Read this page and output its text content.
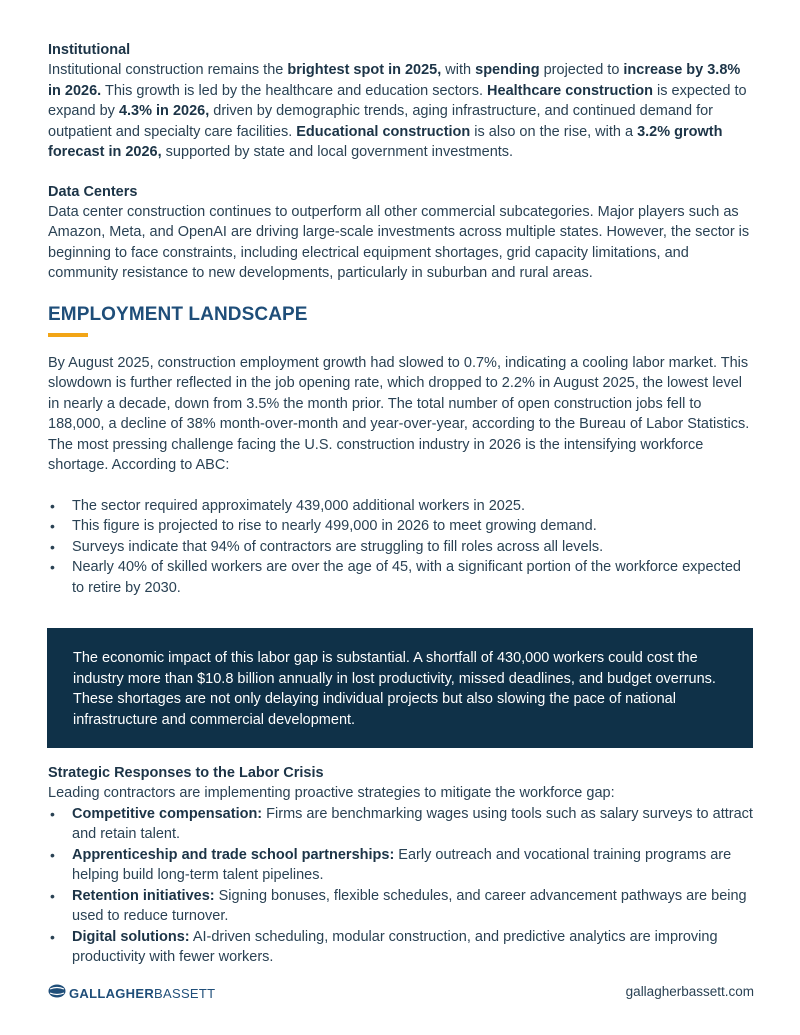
Institutional

Institutional construction remains the brightest spot in 2025, with spending projected to increase by 3.8% in 2026. This growth is led by the healthcare and education sectors. Healthcare construction is expected to expand by 4.3% in 2026, driven by demographic trends, aging infrastructure, and continued demand for outpatient and specialty care facilities. Educational construction is also on the rise, with a 3.2% growth forecast in 2026, supported by state and local government investments.

Data Centers

Data center construction continues to outperform all other commercial subcategories. Major players such as Amazon, Meta, and OpenAI are driving large-scale investments across multiple states. However, the sector is beginning to face constraints, including electrical equipment shortages, grid capacity limitations, and community resistance to new developments, particularly in suburban and rural areas.

EMPLOYMENT LANDSCAPE

By August 2025, construction employment growth had slowed to 0.7%, indicating a cooling labor market. This slowdown is further reflected in the job opening rate, which dropped to 2.2% in August 2025, the lowest level in nearly a decade, down from 3.5% the month prior. The total number of open construction jobs fell to 188,000, a decline of 38% month-over-month and year-over-year, according to the Bureau of Labor Statistics. The most pressing challenge facing the U.S. construction industry in 2026 is the intensifying workforce shortage. According to ABC:

• The sector required approximately 439,000 additional workers in 2025.
• This figure is projected to rise to nearly 499,000 in 2026 to meet growing demand.
• Surveys indicate that 94% of contractors are struggling to fill roles across all levels.
• Nearly 40% of skilled workers are over the age of 45, with a significant portion of the workforce expected to retire by 2030.

The economic impact of this labor gap is substantial. A shortfall of 430,000 workers could cost the industry more than $10.8 billion annually in lost productivity, missed deadlines, and budget overruns. These shortages are not only delaying individual projects but also slowing the pace of national infrastructure and commercial development.

Strategic Responses to the Labor Crisis

Leading contractors are implementing proactive strategies to mitigate the workforce gap:

• Competitive compensation: Firms are benchmarking wages using tools such as salary surveys to attract and retain talent.
• Apprenticeship and trade school partnerships: Early outreach and vocational training programs are helping build long-term talent pipelines.
• Retention initiatives: Signing bonuses, flexible schedules, and career advancement pathways are being used to reduce turnover.
• Digital solutions: AI-driven scheduling, modular construction, and predictive analytics are improving productivity with fewer workers.
GALLAGHERBASSETT	gallagherbassett.com
